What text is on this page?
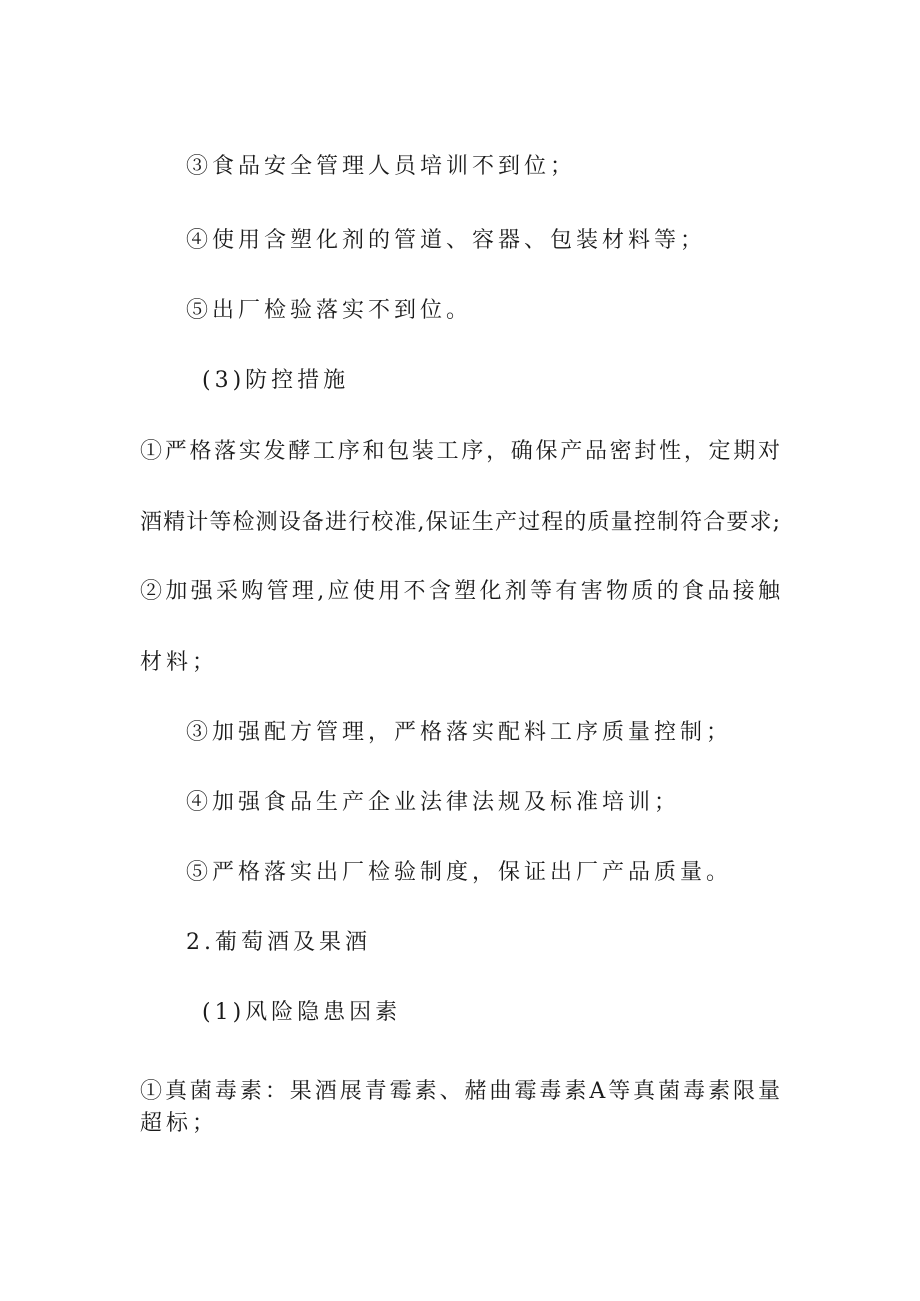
③食品安全管理人员培训不到位；
④使用含塑化剂的管道、容器、包装材料等；
⑤出厂检验落实不到位。
(3)防控措施
①严格落实发酵工序和包装工序，确保产品密封性，定期对
酒精计等检测设备进行校准,保证生产过程的质量控制符合要求;
②加强采购管理,应使用不含塑化剂等有害物质的食品接触
材料；
③加强配方管理，严格落实配料工序质量控制；
④加强食品生产企业法律法规及标准培训；
⑤严格落实出厂检验制度，保证出厂产品质量。
2.葡萄酒及果酒
(1)风险隐患因素
①真菌毒素：果酒展青霉素、赭曲霉毒素A等真菌毒素限量
超标；
